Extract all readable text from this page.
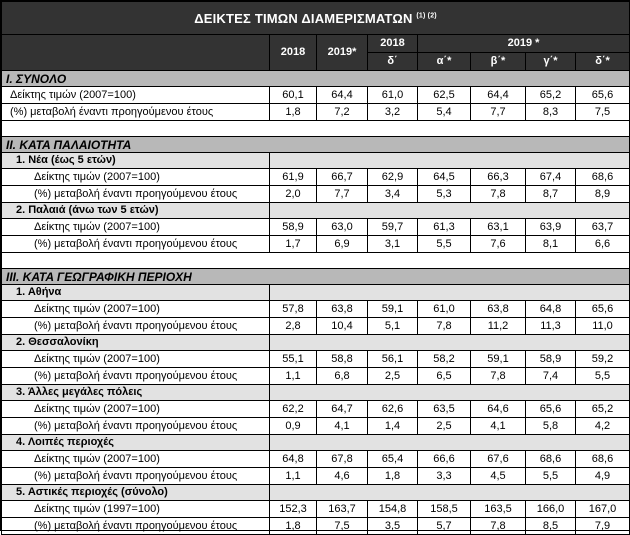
ΔΕΙΚΤΕΣ ΤΙΜΩΝ ΔΙΑΜΕΡΙΣΜΑΤΩΝ $^{(1) (2)}$
	2018	2019*	2018	2019 *			
			δ΄	α΄*	β΄*	γ΄*	δ΄*
I. ΣΥΝΟΛΟ							
Δείκτης τιμών (2007=100)	60,1	64,4	61,0	62,5	64,4	65,2	65,6
(%) μεταβολή έναντι προηγούμενου έτους	1,8	7,2	3,2	5,4	7,7	8,3	7,5

II. ΚΑΤΑ ΠΑΛΑΙΟΤΗΤΑ							
1. Νέα (έως 5 ετών)							
Δείκτης τιμών (2007=100)	61,9	66,7	62,9	64,5	66,3	67,4	68,6
(%) μεταβολή έναντι προηγούμενου έτους	2,0	7,7	3,4	5,3	7,8	8,7	8,9
2. Παλαιά (άνω των 5 ετών)							
Δείκτης τιμών (2007=100)	58,9	63,0	59,7	61,3	63,1	63,9	63,7
(%) μεταβολή έναντι προηγούμενου έτους	1,7	6,9	3,1	5,5	7,6	8,1	6,6

III. ΚΑΤΑ ΓΕΩΓΡΑΦΙΚΗ ΠΕΡΙΟΧΗ							
1. Αθήνα							
Δείκτης τιμών (2007=100)	57,8	63,8	59,1	61,0	63,8	64,8	65,6
(%) μεταβολή έναντι προηγούμενου έτους	2,8	10,4	5,1	7,8	11,2	11,3	11,0
2. Θεσσαλονίκη							
Δείκτης τιμών (2007=100)	55,1	58,8	56,1	58,2	59,1	58,9	59,2
(%) μεταβολή έναντι προηγούμενου έτους	1,1	6,8	2,5	6,5	7,8	7,4	5,5
3. Άλλες μεγάλες πόλεις							
Δείκτης τιμών (2007=100)	62,2	64,7	62,6	63,5	64,6	65,6	65,2
(%) μεταβολή έναντι προηγούμενου έτους	0,9	4,1	1,4	2,5	4,1	5,8	4,2
4. Λοιπές περιοχές							
Δείκτης τιμών (2007=100)	64,8	67,8	65,4	66,6	67,6	68,6	68,6
(%) μεταβολή έναντι προηγούμενου έτους	1,1	4,6	1,8	3,3	4,5	5,5	4,9
5. Αστικές περιοχές (σύνολο)							
Δείκτης τιμών (1997=100)	152,3	163,7	154,8	158,5	163,5	166,0	167,0
(%) μεταβολή έναντι προηγούμενου έτους	1,8	7,5	3,5	5,7	7,8	8,5	7,9
